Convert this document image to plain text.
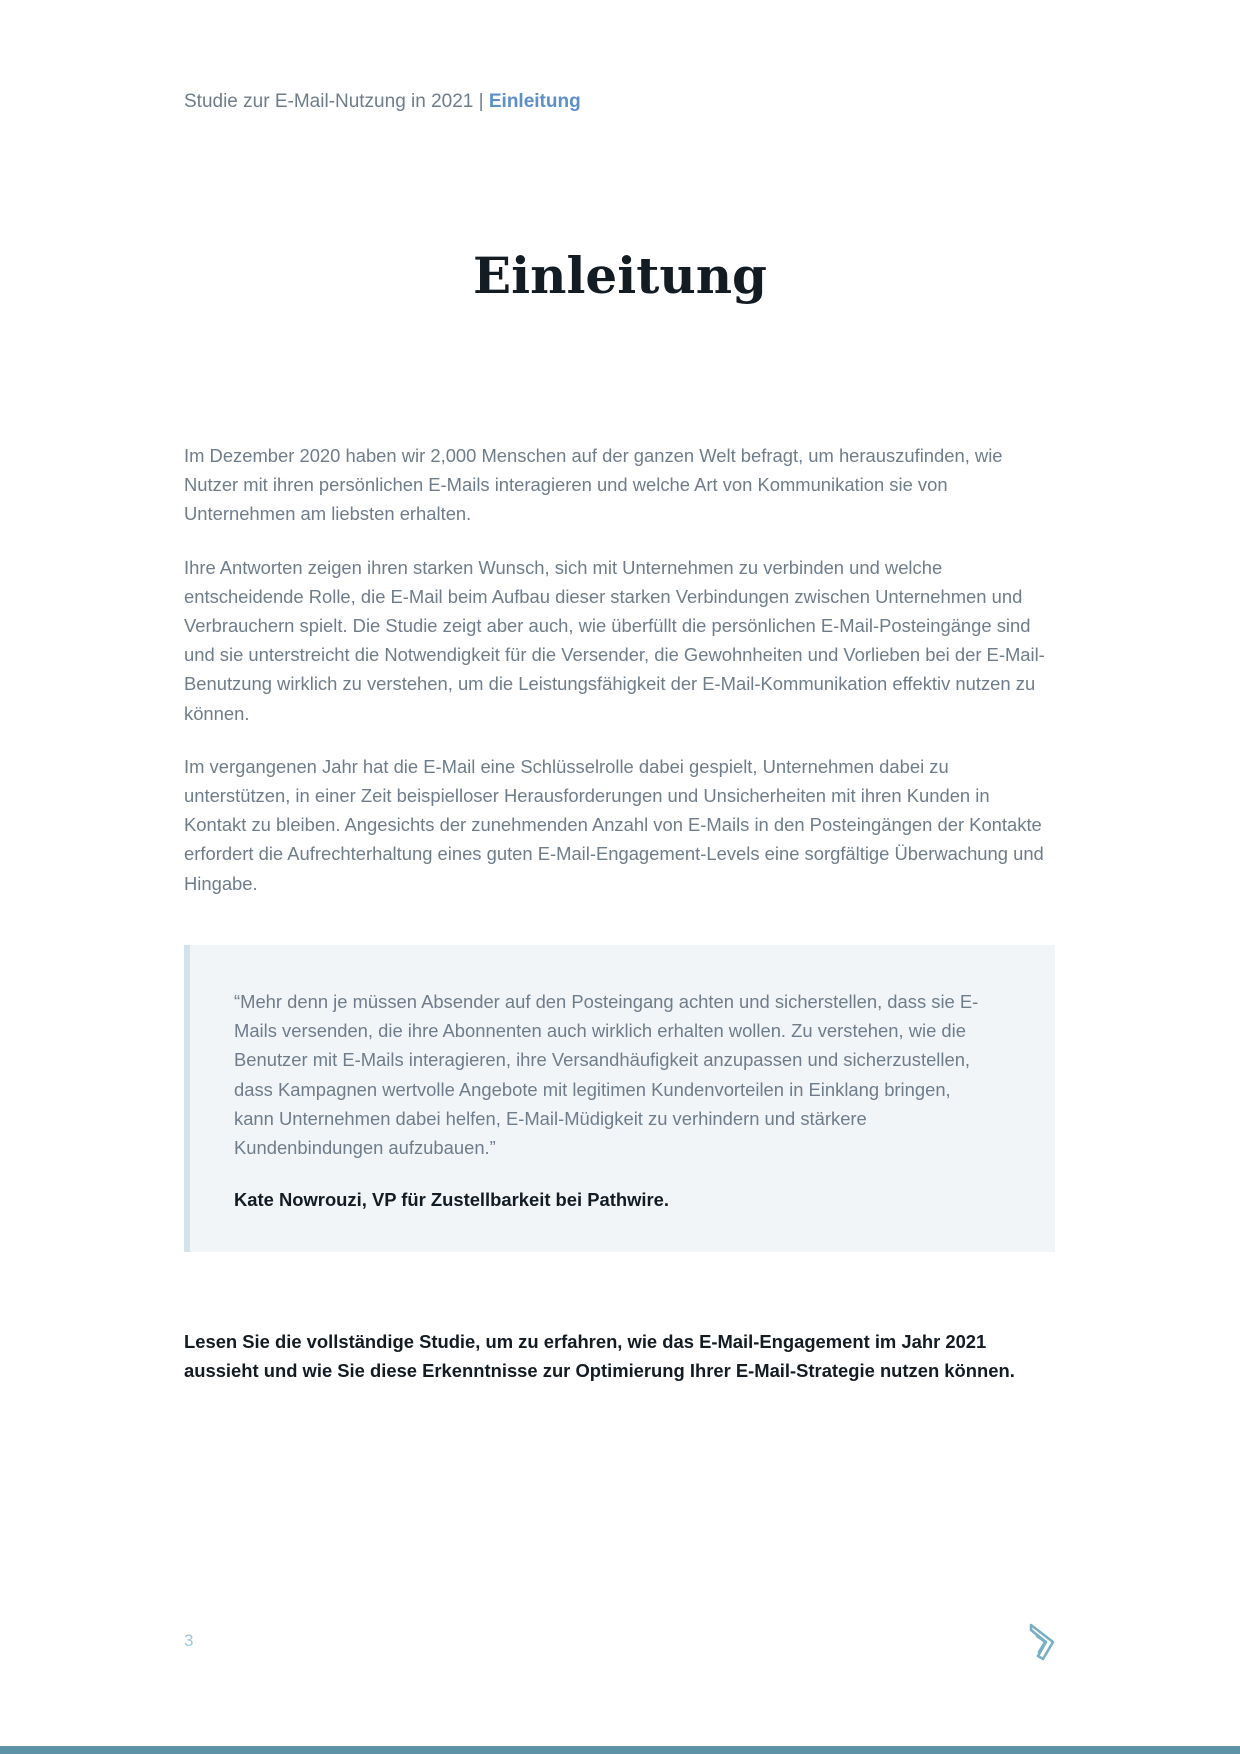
Studie zur E-Mail-Nutzung in 2021 | Einleitung
Einleitung

Im Dezember 2020 haben wir 2,000 Menschen auf der ganzen Welt befragt, um herauszufinden, wie Nutzer mit ihren persönlichen E-Mails interagieren und welche Art von Kommunikation sie von Unternehmen am liebsten erhalten.

Ihre Antworten zeigen ihren starken Wunsch, sich mit Unternehmen zu verbinden und welche entscheidende Rolle, die E-Mail beim Aufbau dieser starken Verbindungen zwischen Unternehmen und Verbrauchern spielt. Die Studie zeigt aber auch, wie überfüllt die persönlichen E-Mail-Posteingänge sind und sie unterstreicht die Notwendigkeit für die Versender, die Gewohnheiten und Vorlieben bei der E-Mail-Benutzung wirklich zu verstehen, um die Leistungsfähigkeit der E-Mail-Kommunikation effektiv nutzen zu können.

Im vergangenen Jahr hat die E-Mail eine Schlüsselrolle dabei gespielt, Unternehmen dabei zu unterstützen, in einer Zeit beispielloser Herausforderungen und Unsicherheiten mit ihren Kunden in Kontakt zu bleiben. Angesichts der zunehmenden Anzahl von E-Mails in den Posteingängen der Kontakte erfordert die Aufrechterhaltung eines guten E-Mail-Engagement-Levels eine sorgfältige Überwachung und Hingabe.

“Mehr denn je müssen Absender auf den Posteingang achten und sicherstellen, dass sie E-Mails versenden, die ihre Abonnenten auch wirklich erhalten wollen. Zu verstehen, wie die Benutzer mit E-Mails interagieren, ihre Versandhäufigkeit anzupassen und sicherzustellen, dass Kampagnen wertvolle Angebote mit legitimen Kundenvorteilen in Einklang bringen, kann Unternehmen dabei helfen, E-Mail-Müdigkeit zu verhindern und stärkere Kundenbindungen aufzubauen.”

Kate Nowrouzi, VP für Zustellbarkeit bei Pathwire.

Lesen Sie die vollständige Studie, um zu erfahren, wie das E-Mail-Engagement im Jahr 2021 aussieht und wie Sie diese Erkenntnisse zur Optimierung Ihrer E-Mail-Strategie nutzen können.

3
